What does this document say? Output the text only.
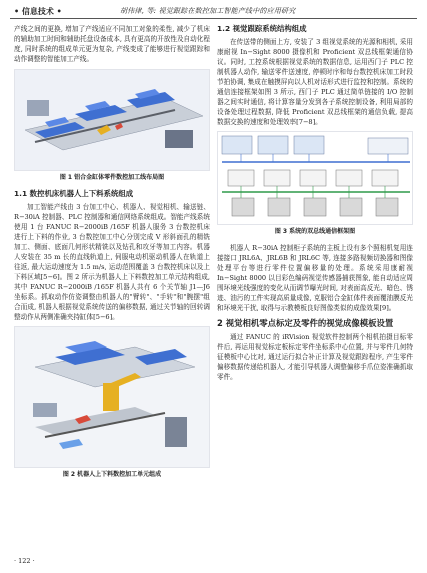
• 信息技术 •	胡伟律, 等: 视觉跟踪在数控加工智能产线中的应用研究

产线之间的更换, 增加了产线适应不同加工对象的柔性, 减少了机床的辅助加工时间和辅助托盘设备成本, 具有更高的开放性及自动化程度, 同时系统的组成单元更为复杂, 产线变成了能够进行视觉跟踪和动作调整的智能加工产线。

图 1 铝合金缸体零件数控加工线布局图
1.1 数控机床机器人上下料系统组成

加工智能产线由 3 台加工中心、机器人、视觉相机、输送链、R−30iA 控制器、PLC 控制器和通信网络系统组成。智能产线系统使用 1 台 FANUC R−2000iB /165F 机器人服务 3 台数控机床进行上下料的作业, 3 台数控加工中心分别完成 V 形斜面孔的精铣加工、侧面、底面几何形状精铣以及钻孔和攻牙等加工内容。机器人安装在 35 m 长的直线轨道上, 伺服电动机驱动机器人在轨道上往返, 最大运动速度为 1.5 m/s, 运动范围覆盖 3 台数控机床以及上下料区域[5−6]。图 2 所示为机器人上下料数控加工单元结构组成, 其中 FANUC R−2000iB /165F 机器人共有 6 个关节轴 J1—J6 坐标系。抓取动作仿姿调整由机器人的"臂转"、"手转"和"腕摆"组合而成, 机器人根据视觉系统传送的偏移数据, 通过关节轴的回转调整动作从两侧准确夹持缸体[5−6]。

图 2 机器人上下料数控加工单元组成
1.2 视觉跟踪系统结构组成

在传送带的侧面上方, 安装了 3 组视觉系统的光源和相机, 采用康耐视 In−Sight 8000 摄像机和 Proficient 双总线框架通信协议。同时, 工控系统根据视觉系统的数据信息, 运用西门子 PLC 控制机器人动作, 输送零件送速度, 停顿时序和每台数控机床加工时段节拍协调, 集成在触摸屏向以人机对话形式进行监控和控制。系统的通信连接框架如图 3 所示, 西门子 PLC 通过简单链接的 I/O 控制器之间实时通信, 将计算容量分发到各子系统控制设备, 利用局部的设备处理过程数据, 降低 Proficient 双总线框架的通信负载, 提高数据交换的速度和处理效率[7−8]。

图 3 系统的双总线通信框架图

机器人 R−30iA 控制柜子系统的主板上设有多个照相机复用连接接口 JRL6A、JRL6B 和 JRL6C 等, 连接多路视频切换器和图像处理平台等进行零件位置偏移量的处理。系统采用康耐视 In−Sight 8000 以目彩色编码视觉传感器捕获图象, 能自动适应周围环境光线强度的变化从而调节曝光时间, 对表面高反光、暗色、锈迹、油污的工件实现高质量成像, 克服铝合金缸体件表面覆油膜反光和环境光干扰, 取得与示教模板良好图像类似的成像效果[9]。

2 视觉相机零点标定及零件的视觉成像模板设置

通过 FANUC 的 iRVision 视觉软件控制两个相机拍摄目标零件后, 再运用视觉标定板标定零件坐标系中心位置, 并与零件几何特征模板中心比对, 通过运行拟合补正计算及视觉跟踪程序, 产生零件偏移数据传递给机器人, 才能引导机器人调整偏移手爪位姿准确抓取零件。

· 122 ·
